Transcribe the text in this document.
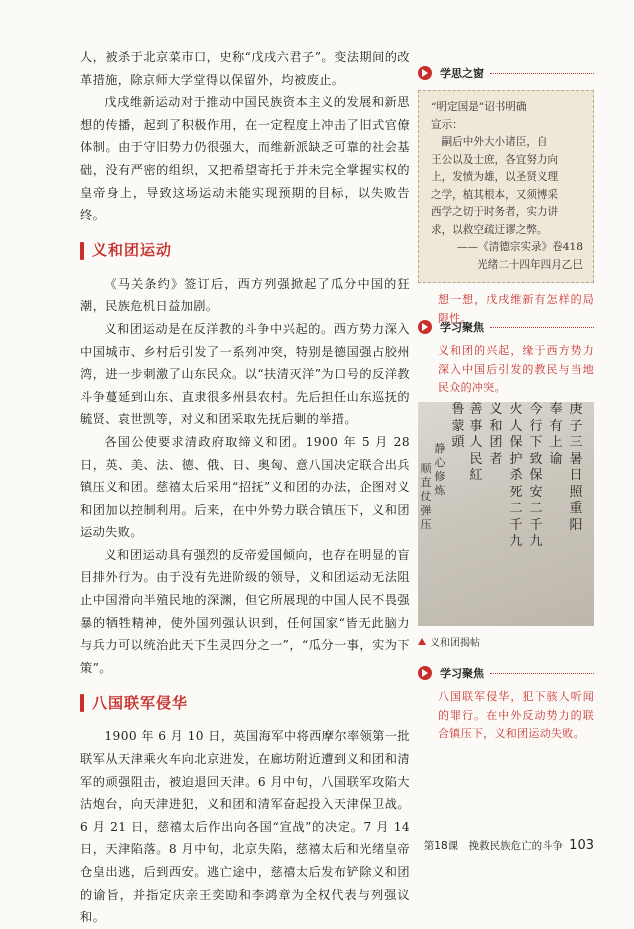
人，被杀于北京菜市口，史称“戊戌六君子”。变法期间的改革措施，除京师大学堂得以保留外，均被废止。

戊戌维新运动对于推动中国民族资本主义的发展和新思想的传播，起到了积极作用，在一定程度上冲击了旧式官僚体制。由于守旧势力仍很强大，而维新派缺乏可靠的社会基础，没有严密的组织，又把希望寄托于并未完全掌握实权的皇帝身上，导致这场运动未能实现预期的目标，以失败告终。

义和团运动

《马关条约》签订后，西方列强掀起了瓜分中国的狂潮，民族危机日益加剧。

义和团运动是在反洋教的斗争中兴起的。西方势力深入中国城市、乡村后引发了一系列冲突，特别是德国强占胶州湾，进一步刺激了山东民众。以“扶清灭洋”为口号的反洋教斗争蔓延到山东、直隶很多州县农村。先后担任山东巡抚的毓贤、袁世凯等，对义和团采取先抚后剿的举措。

各国公使要求清政府取缔义和团。1900 年 5 月 28 日，英、美、法、德、俄、日、奥匈、意八国决定联合出兵镇压义和团。慈禧太后采用“招抚”义和团的办法，企图对义和团加以控制利用。后来，在中外势力联合镇压下，义和团运动失败。

义和团运动具有强烈的反帝爱国倾向，也存在明显的盲目排外行为。由于没有先进阶级的领导，义和团运动无法阻止中国滑向半殖民地的深渊，但它所展现的中国人民不畏强暴的牺牲精神，使外国列强认识到，任何国家“皆无此脑力与兵力可以统治此天下生灵四分之一”，“瓜分一事，实为下策”。

八国联军侵华

1900 年 6 月 10 日，英国海军中将西摩尔率领第一批联军从天津乘火车向北京进发，在廊坊附近遭到义和团和清军的顽强阻击，被迫退回天津。6 月中旬，八国联军攻陷大沽炮台，向天津进犯，义和团和清军奋起投入天津保卫战。6 月 21 日，慈禧太后作出向各国“宣战”的决定。7 月 14 日，天津陷落。8 月中旬，北京失陷，慈禧太后和光绪皇帝仓皇出逃，后到西安。逃亡途中，慈禧太后发布铲除义和团的谕旨，并指定庆亲王奕劻和李鸿章为全权代表与列强议和。

学思之窗
“明定国是”诏书明确
宣示：
　嗣后中外大小诸臣，自
王公以及士庶，各宜努力向
上，发愤为雄，以圣贤义理
之学，植其根本，又须博采
西学之切于时务者，实力讲
求，以救空疏迂谬之弊。
——《清德宗实录》卷418
光绪二十四年四月乙巳
想一想，戊戌维新有怎样的局限性。
学习聚焦
义和团的兴起，缘于西方势力深入中国后引发的教民与当地民众的冲突。
庚子三暑日照重阳
奉有上谕
今行下致保安二千九
火人保护杀死二千九
义和团者
善事人民紅
鲁蒙頭
静心修炼
顺直仗弹压
义和团揭帖
学习聚焦
八国联军侵华，犯下骇人听闻的罪行。在中外反动势力的联合镇压下，义和团运动失败。
第18课　挽救民族危亡的斗争 103
